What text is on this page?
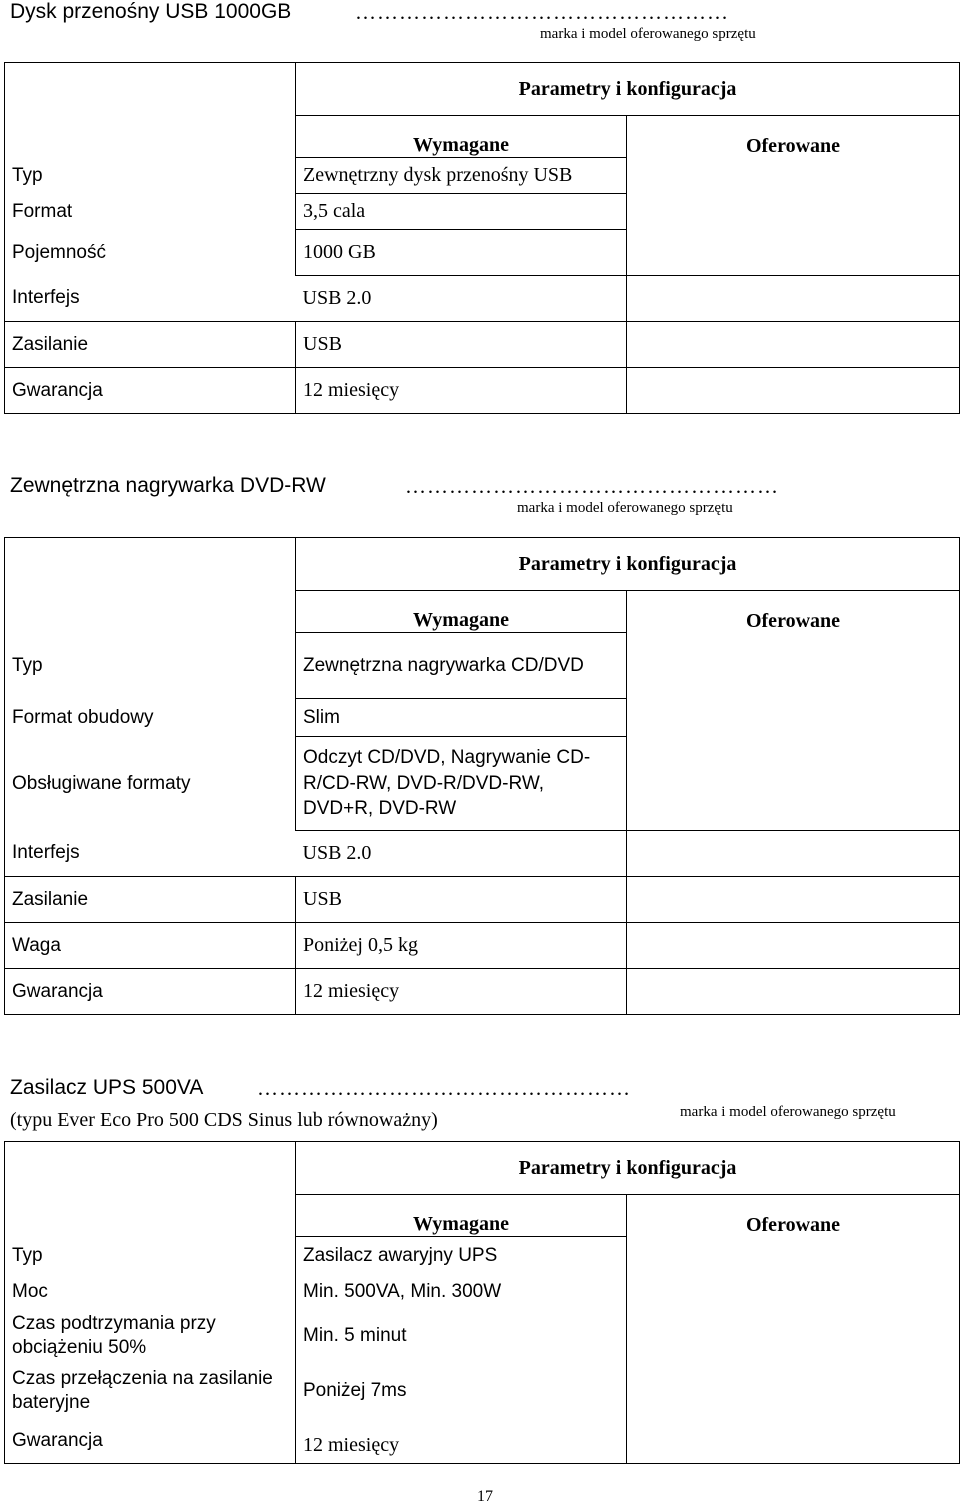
Dysk przenośny USB 1000GB	……………………………………………
marka i model oferowanego sprzętu
	Parametry i konfiguracja	
	Wymagane	Oferowane
Typ	Zewnętrzny dysk przenośny USB	
Format	3,5 cala	
Pojemność	1000 GB	
Interfejs	USB 2.0	
Zasilanie	USB	
Gwarancja	12 miesięcy	
Zewnętrzna nagrywarka DVD-RW	……………………………………………
marka i model oferowanego sprzętu
	Parametry i konfiguracja	
	Wymagane	Oferowane
Typ	Zewnętrzna nagrywarka CD/DVD	
Format obudowy	Slim	
Obsługiwane formaty	Odczyt CD/DVD, Nagrywanie CD-R/CD-RW, DVD-R/DVD-RW, DVD+R, DVD-RW	
Interfejs	USB 2.0	
Zasilanie	USB	
Waga	Poniżej 0,5 kg	
Gwarancja	12 miesięcy	
Zasilacz UPS 500VA	……………………………………………
(typu Ever Eco Pro 500 CDS Sinus lub równoważny)	marka i model oferowanego sprzętu
	Parametry i konfiguracja	
	Wymagane	Oferowane
Typ	Zasilacz awaryjny UPS	
Moc	Min. 500VA, Min. 300W	
Czas podtrzymania przy obciążeniu 50%	Min. 5 minut	
Czas przełączenia na zasilanie bateryjne	Poniżej 7ms	
Gwarancja	12 miesięcy	
17
